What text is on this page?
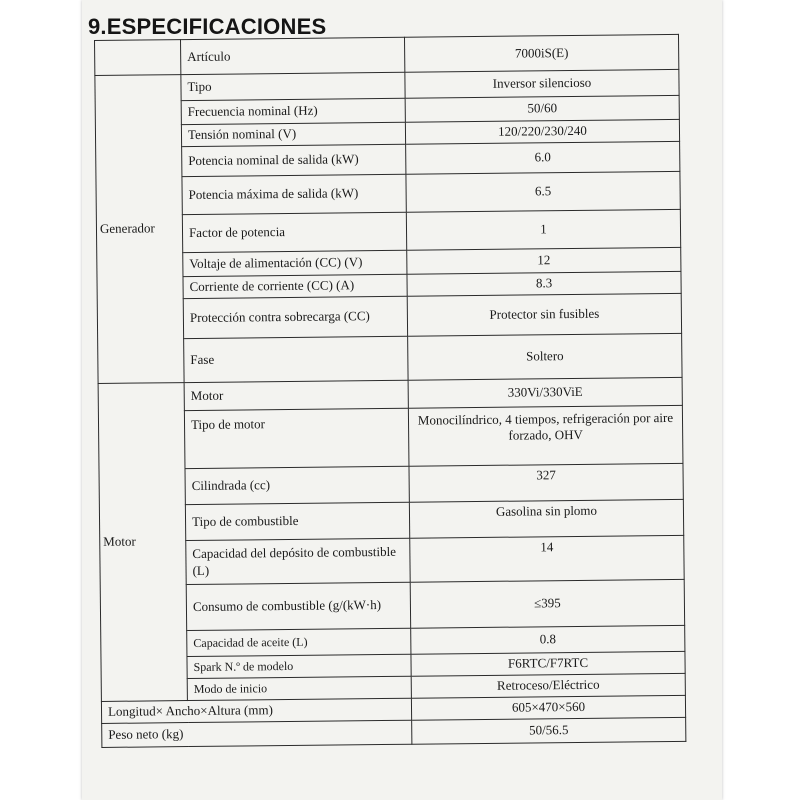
9.ESPECIFICACIONES
	Artículo	7000iS(E)
Generador	Tipo	Inversor silencioso
	Frecuencia nominal (Hz)	50/60
	Tensión nominal (V)	120/220/230/240
	Potencia nominal de salida (kW)	6.0
	Potencia máxima de salida (kW)	6.5
	Factor de potencia	1
	Voltaje de alimentación (CC) (V)	12
	Corriente de corriente (CC) (A)	8.3
	Protección contra sobrecarga (CC)	Protector sin fusibles
	Fase	Soltero
Motor	Motor	330Vi/330ViE
	Tipo de motor	Monocilíndrico, 4 tiempos, refrigeración por aire forzado, OHV
	Cilindrada (cc)	327
	Tipo de combustible	Gasolina sin plomo
	Capacidad del depósito de combustible (L)	14
	Consumo de combustible (g/(kW·h)	≤395
	Capacidad de aceite (L)	0.8
	Spark N.º de modelo	F6RTC/F7RTC
	Modo de inicio	Retroceso/Eléctrico
Longitud× Ancho×Altura (mm)		605×470×560
Peso neto (kg)		50/56.5
